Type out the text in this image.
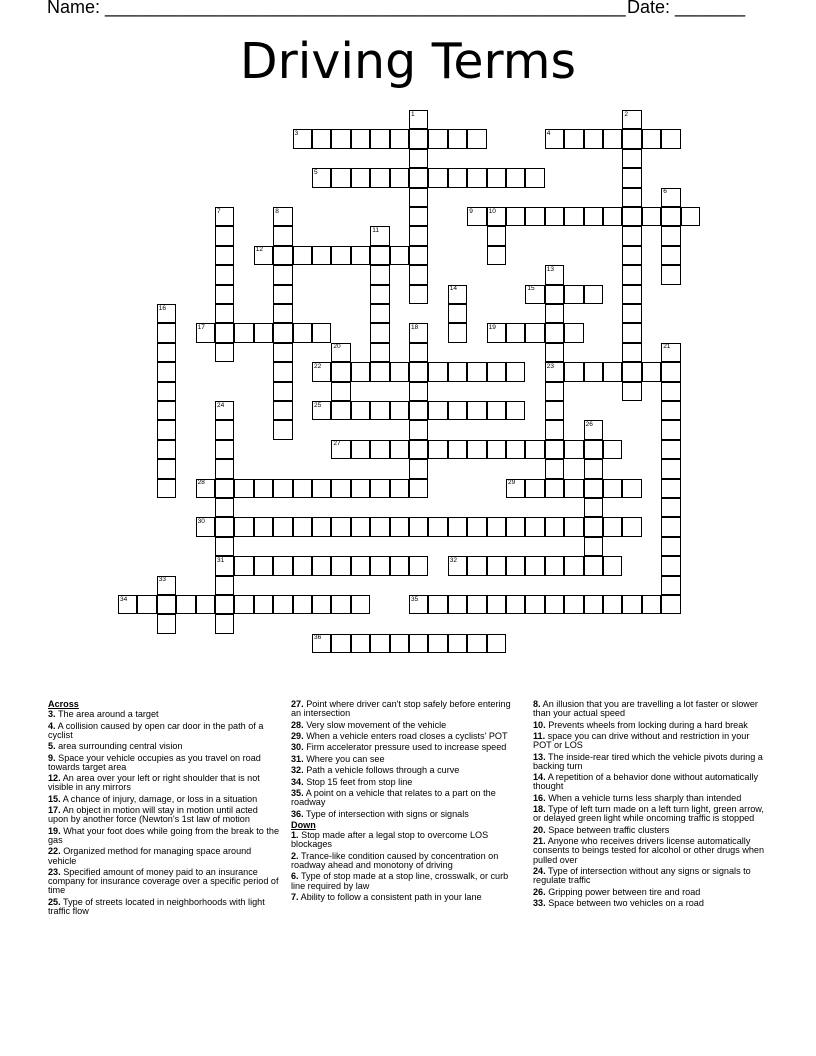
Name: ____________________________________________________ Date: _______
Driving Terms
1	2
3	4
5
6
7	8	9 10
11
12
13
14	15
16
17	18	19
20	21
22	23
24	25
26
27
28	29
30
31	32
33
34	35
36
Across
3. The area around a target
4. A collision caused by open car door in the path of a cyclist
5. area surrounding central vision
9. Space your vehicle occupies as you travel on road towards target area
12. An area over your left or right shoulder that is not visible in any mirrors
15. A chance of injury, damage, or loss in a situation
17. An object in motion will stay in motion until acted upon by another force (Newton's 1st law of motion
19. What your foot does while going from the break to the gas
22. Organized method for managing space around vehicle
23. Specified amount of money paid to an insurance company for insurance coverage over a specific period of time
25. Type of streets located in neighborhoods with light traffic flow
27. Point where driver can't stop safely before entering an intersection
28. Very slow movement of the vehicle
29. When a vehicle enters road closes a cyclists' POT
30. Firm accelerator pressure used to increase speed
31. Where you can see
32. Path a vehicle follows through a curve
34. Stop 15 feet from stop line
35. A point on a vehicle that relates to a part on the roadway
36. Type of intersection with signs or signals
Down
1. Stop made after a legal stop to overcome LOS blockages
2. Trance-like condition caused by concentration on roadway ahead and monotony of driving
6. Type of stop made at a stop line, crosswalk, or curb line required by law
7. Ability to follow a consistent path in your lane
8. An illusion that you are travelling a lot faster or slower than your actual speed
10. Prevents wheels from locking during a hard break
11. space you can drive without and restriction in your POT or LOS
13. The inside-rear tired which the vehicle pivots during a backing turn
14. A repetition of a behavior done without automatically thought
16. When a vehicle turns less sharply than intended
18. Type of left turn made on a left turn light, green arrow, or delayed green light while oncoming traffic is stopped
20. Space between traffic clusters
21. Anyone who receives drivers license automatically consents to beings tested for alcohol or other drugs when pulled over
24. Type of intersection without any signs or signals to regulate traffic
26. Gripping power between tire and road
33. Space between two vehicles on a road
